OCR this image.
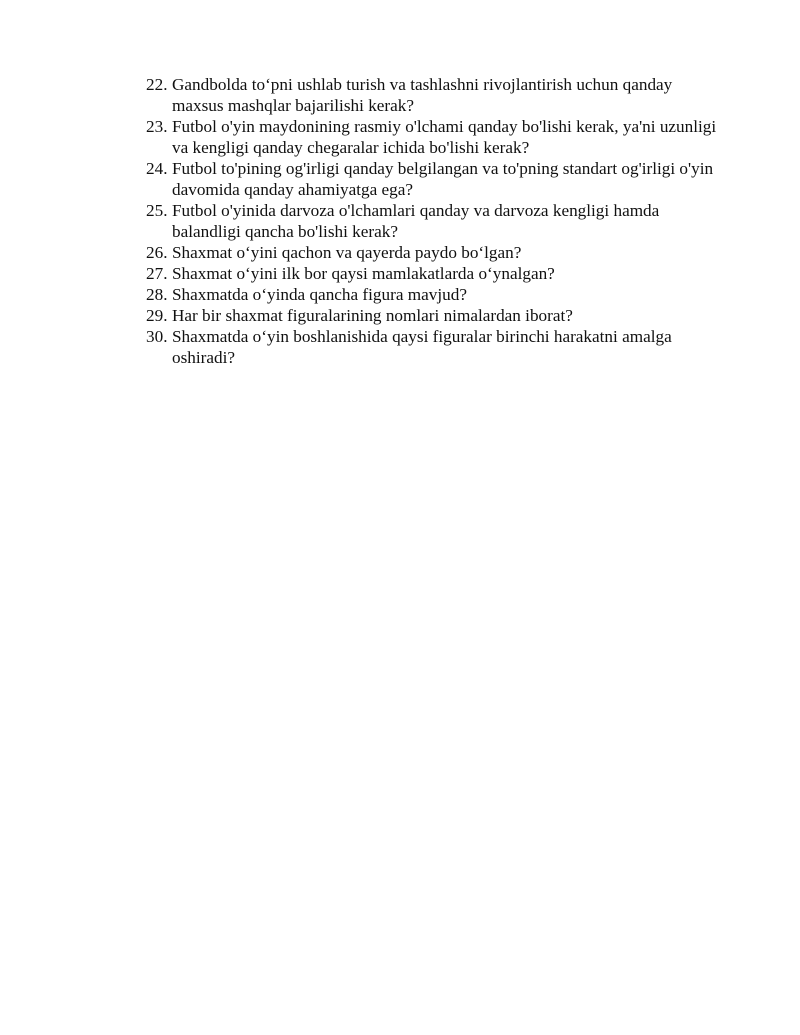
22. Gandbolda to‘pni ushlab turish va tashlashni rivojlantirish uchun qanday maxsus mashqlar bajarilishi kerak?
23. Futbol o'yin maydonining rasmiy o'lchami qanday bo'lishi kerak, ya'ni uzunligi va kengligi qanday chegaralar ichida bo'lishi kerak?
24. Futbol to'pining og'irligi qanday belgilangan va to'pning standart og'irligi o'yin davomida qanday ahamiyatga ega?
25. Futbol o'yinida darvoza o'lchamlari qanday va darvoza kengligi hamda balandligi qancha bo'lishi kerak?
26. Shaxmat o‘yini qachon va qayerda paydo bo‘lgan?
27. Shaxmat o‘yini ilk bor qaysi mamlakatlarda o‘ynalgan?
28. Shaxmatda o‘yinda qancha figura mavjud?
29. Har bir shaxmat figuralarining nomlari nimalardan iborat?
30. Shaxmatda o‘yin boshlanishida qaysi figuralar birinchi harakatni amalga oshiradi?
